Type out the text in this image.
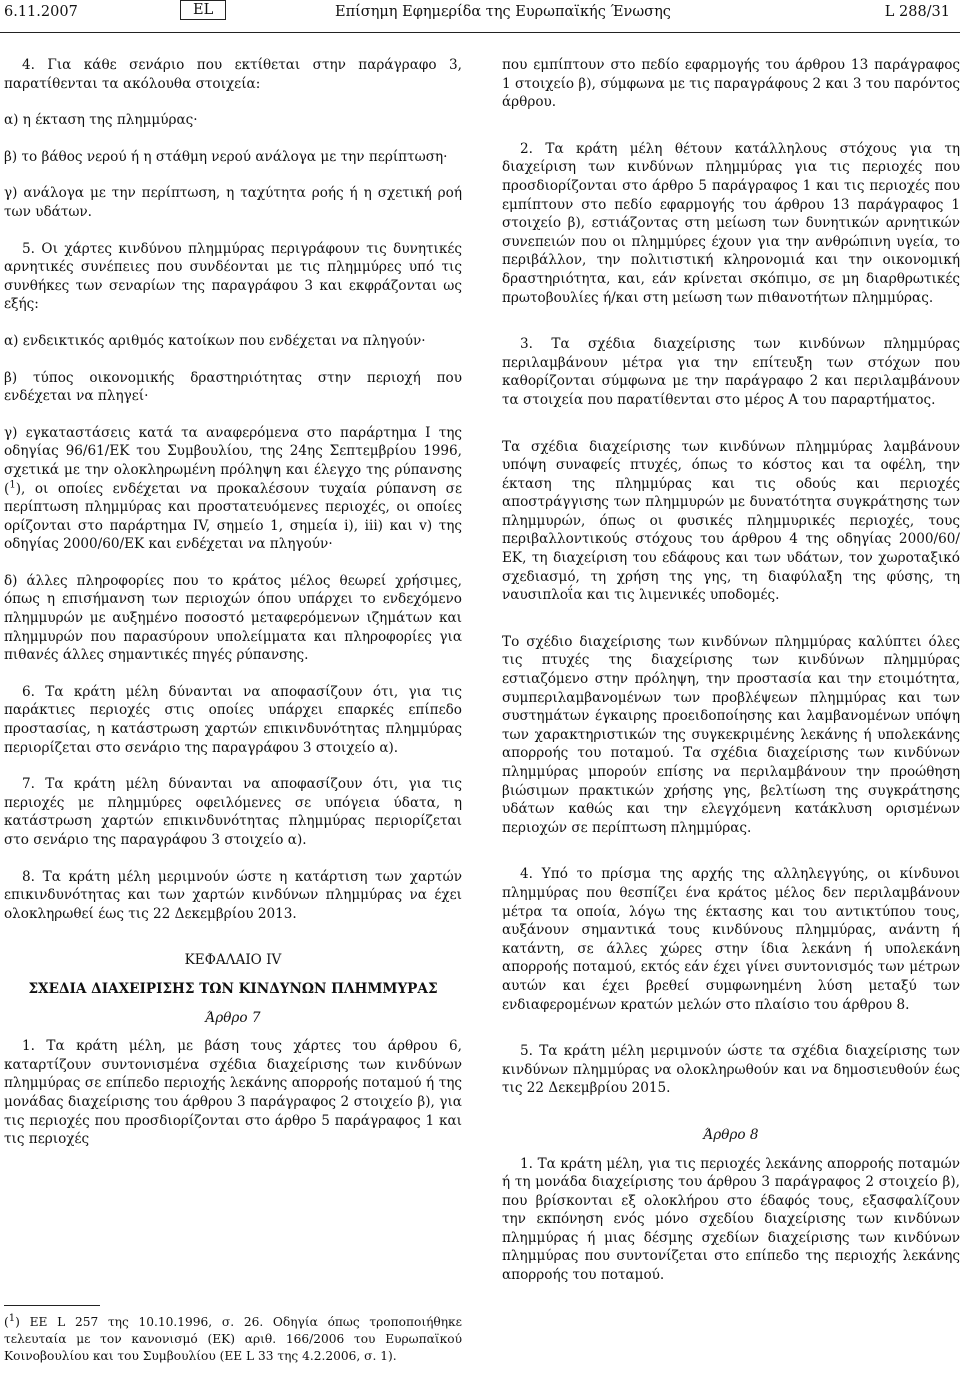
6.11.2007	EL	Επίσημη Εφημερίδα της Ευρωπαϊκής Ένωσης	L 288/31

4. Για κάθε σενάριο που εκτίθεται στην παράγραφο 3, παρατίθενται τα ακόλουθα στοιχεία:

α) η έκταση της πλημμύρας·

β) το βάθος νερού ή η στάθμη νερού ανάλογα με την περίπτωση·

γ) ανάλογα με την περίπτωση, η ταχύτητα ροής ή η σχετική ροή των υδάτων.

5. Οι χάρτες κινδύνου πλημμύρας περιγράφουν τις δυνητικές αρνητικές συνέπειες που συνδέονται με τις πλημμύρες υπό τις συνθήκες των σεναρίων της παραγράφου 3 και εκφράζονται ως εξής:

α) ενδεικτικός αριθμός κατοίκων που ενδέχεται να πληγούν·

β) τύπος οικονομικής δραστηριότητας στην περιοχή που ενδέχεται να πληγεί·

γ) εγκαταστάσεις κατά τα αναφερόμενα στο παράρτημα I της οδηγίας 96/61/ΕΚ του Συμβουλίου, της 24ης Σεπτεμβρίου 1996, σχετικά με την ολοκληρωμένη πρόληψη και έλεγχο της ρύπανσης ($^1$), οι οποίες ενδέχεται να προκαλέσουν τυχαία ρύπανση σε περίπτωση πλημμύρας και προστατευόμενες περιοχές, οι οποίες ορίζονται στο παράρτημα IV, σημείο 1, σημεία i), iii) και v) της οδηγίας 2000/60/ΕΚ και ενδέχεται να πληγούν·

δ) άλλες πληροφορίες που το κράτος μέλος θεωρεί χρήσιμες, όπως η επισήμανση των περιοχών όπου υπάρχει το ενδεχόμενο πλημμυρών με αυξημένο ποσοστό μεταφερόμενων ιζημάτων και πλημμυρών που παρασύρουν υπολείμματα και πληροφορίες για πιθανές άλλες σημαντικές πηγές ρύπανσης.

6. Τα κράτη μέλη δύνανται να αποφασίζουν ότι, για τις παράκτιες περιοχές στις οποίες υπάρχει επαρκές επίπεδο προστασίας, η κατάστρωση χαρτών επικινδυνότητας πλημμύρας περιορίζεται στο σενάριο της παραγράφου 3 στοιχείο α).

7. Τα κράτη μέλη δύνανται να αποφασίζουν ότι, για τις περιοχές με πλημμύρες οφειλόμενες σε υπόγεια ύδατα, η κατάστρωση χαρτών επικινδυνότητας πλημμύρας περιορίζεται στο σενάριο της παραγράφου 3 στοιχείο α).

8. Τα κράτη μέλη μεριμνούν ώστε η κατάρτιση των χαρτών επικινδυνότητας και των χαρτών κινδύνων πλημμύρας να έχει ολοκληρωθεί έως τις 22 Δεκεμβρίου 2013.

ΚΕΦΑΛΑΙΟ IV

ΣΧΕΔΙΑ ΔΙΑΧΕΙΡΙΣΗΣ ΤΩΝ ΚΙΝΔΥΝΩΝ ΠΛΗΜΜΥΡΑΣ

Άρθρο 7

1. Τα κράτη μέλη, με βάση τους χάρτες του άρθρου 6, καταρτίζουν συντονισμένα σχέδια διαχείρισης των κινδύνων πλημμύρας σε επίπεδο περιοχής λεκάνης απορροής ποταμού ή της μονάδας διαχείρισης του άρθρου 3 παράγραφος 2 στοιχείο β), για τις περιοχές που προσδιορίζονται στο άρθρο 5 παράγραφος 1 και τις περιοχές

που εμπίπτουν στο πεδίο εφαρμογής του άρθρου 13 παράγραφος 1 στοιχείο β), σύμφωνα με τις παραγράφους 2 και 3 του παρόντος άρθρου.

2. Τα κράτη μέλη θέτουν κατάλληλους στόχους για τη διαχείριση των κινδύνων πλημμύρας για τις περιοχές που προσδιορίζονται στο άρθρο 5 παράγραφος 1 και τις περιοχές που εμπίπτουν στο πεδίο εφαρμογής του άρθρου 13 παράγραφος 1 στοιχείο β), εστιάζοντας στη μείωση των δυνητικών αρνητικών συνεπειών που οι πλημμύρες έχουν για την ανθρώπινη υγεία, το περιβάλλον, την πολιτιστική κληρονομιά και την οικονομική δραστηριότητα, και, εάν κρίνεται σκόπιμο, σε μη διαρθρωτικές πρωτοβουλίες ή/και στη μείωση των πιθανοτήτων πλημμύρας.

3. Τα σχέδια διαχείρισης των κινδύνων πλημμύρας περιλαμβάνουν μέτρα για την επίτευξη των στόχων που καθορίζονται σύμφωνα με την παράγραφο 2 και περιλαμβάνουν τα στοιχεία που παρατίθενται στο μέρος Α του παραρτήματος.

Τα σχέδια διαχείρισης των κινδύνων πλημμύρας λαμβάνουν υπόψη συναφείς πτυχές, όπως το κόστος και τα οφέλη, την έκταση της πλημμύρας και τις οδούς και περιοχές αποστράγγισης των πλημμυρών με δυνατότητα συγκράτησης των πλημμυρών, όπως οι φυσικές πλημμυρικές περιοχές, τους περιβαλλοντικούς στόχους του άρθρου 4 της οδηγίας 2000/60/ΕΚ, τη διαχείριση του εδάφους και των υδάτων, τον χωροταξικό σχεδιασμό, τη χρήση της γης, τη διαφύλαξη της φύσης, τη ναυσιπλοΐα και τις λιμενικές υποδομές.

Το σχέδιο διαχείρισης των κινδύνων πλημμύρας καλύπτει όλες τις πτυχές της διαχείρισης των κινδύνων πλημμύρας εστιαζόμενο στην πρόληψη, την προστασία και την ετοιμότητα, συμπεριλαμβανομένων των προβλέψεων πλημμύρας και των συστημάτων έγκαιρης προειδοποίησης και λαμβανομένων υπόψη των χαρακτηριστικών της συγκεκριμένης λεκάνης ή υπολεκάνης απορροής του ποταμού. Τα σχέδια διαχείρισης των κινδύνων πλημμύρας μπορούν επίσης να περιλαμβάνουν την προώθηση βιώσιμων πρακτικών χρήσης γης, βελτίωση της συγκράτησης υδάτων καθώς και την ελεγχόμενη κατάκλυση ορισμένων περιοχών σε περίπτωση πλημμύρας.

4. Υπό το πρίσμα της αρχής της αλληλεγγύης, οι κίνδυνοι πλημμύρας που θεσπίζει ένα κράτος μέλος δεν περιλαμβάνουν μέτρα τα οποία, λόγω της έκτασης και του αντικτύπου τους, αυξάνουν σημαντικά τους κινδύνους πλημμύρας, ανάντη ή κατάντη, σε άλλες χώρες στην ίδια λεκάνη ή υπολεκάνη απορροής ποταμού, εκτός εάν έχει γίνει συντονισμός των μέτρων αυτών και έχει βρεθεί συμφωνημένη λύση μεταξύ των ενδιαφερομένων κρατών μελών στο πλαίσιο του άρθρου 8.

5. Τα κράτη μέλη μεριμνούν ώστε τα σχέδια διαχείρισης των κινδύνων πλημμύρας να ολοκληρωθούν και να δημοσιευθούν έως τις 22 Δεκεμβρίου 2015.

Άρθρο 8

1. Τα κράτη μέλη, για τις περιοχές λεκάνης απορροής ποταμών ή τη μονάδα διαχείρισης του άρθρου 3 παράγραφος 2 στοιχείο β), που βρίσκονται εξ ολοκλήρου στο έδαφός τους, εξασφαλίζουν την εκπόνηση ενός μόνο σχεδίου διαχείρισης των κινδύνων πλημμύρας ή μιας δέσμης σχεδίων διαχείρισης των κινδύνων πλημμύρας που συντονίζεται στο επίπεδο της περιοχής λεκάνης απορροής του ποταμού.

($^1$) ΕΕ L 257 της 10.10.1996, σ. 26. Οδηγία όπως τροποποιήθηκε τελευταία με τον κανονισμό (ΕΚ) αριθ. 166/2006 του Ευρωπαϊκού Κοινοβουλίου και του Συμβουλίου (ΕΕ L 33 της 4.2.2006, σ. 1).
